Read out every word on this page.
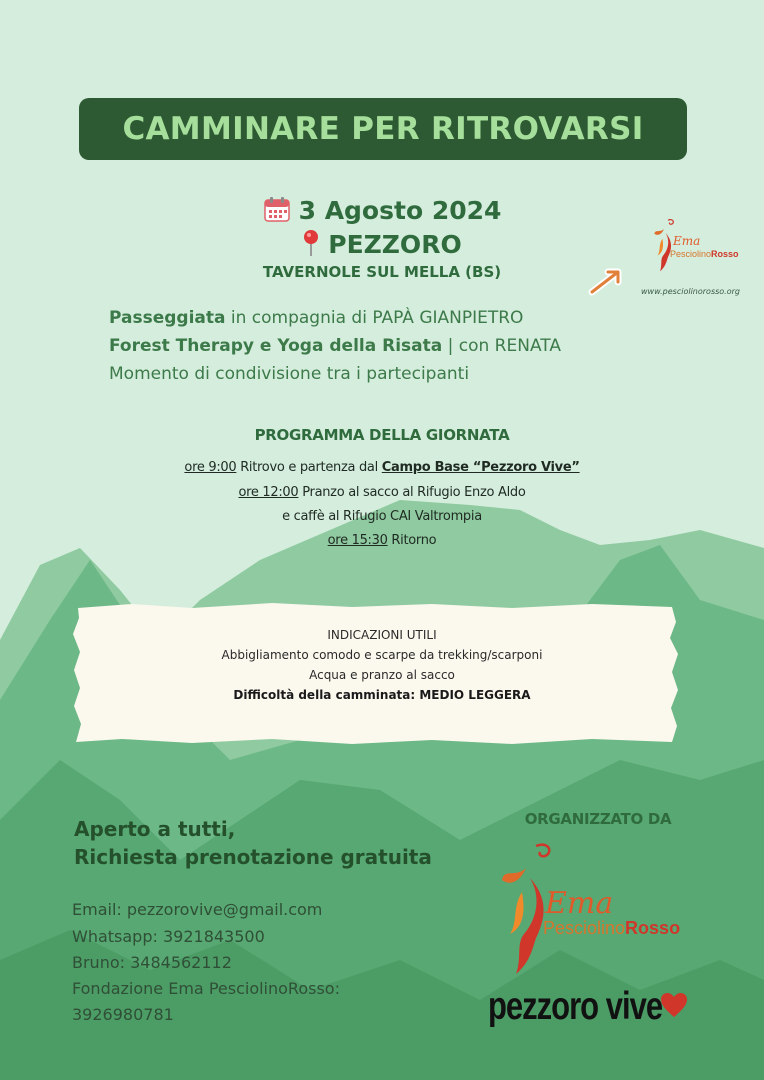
CAMMINARE PER RITROVARSI
3 Agosto 2024
PEZZORO
TAVERNOLE SUL MELLA (BS)
Passeggiata in compagnia di PAPÀ GIANPIETRO
Forest Therapy e Yoga della Risata | con RENATA
Momento di condivisione tra i partecipanti
PROGRAMMA DELLA GIORNATA
ore 9:00 Ritrovo e partenza dal Campo Base “Pezzoro Vive”
ore 12:00 Pranzo al sacco al Rifugio Enzo Aldo
e caffè al Rifugio CAI Valtrompia
ore 15:30 Ritorno
INDICAZIONI UTILI
Abbigliamento comodo e scarpe da trekking/scarponi
Acqua e pranzo al sacco
Difficoltà della camminata: MEDIO LEGGERA
Aperto a tutti,
Richiesta prenotazione gratuita
Email: pezzorovive@gmail.com
Whatsapp: 3921843500
Bruno: 3484562112
Fondazione Ema PesciolinoRosso:
3926980781
ORGANIZZATO DA
Ema
PesciolinoRosso
pezzoro vive
Ema
PesciolinoRosso
www.pesciolinorosso.org
